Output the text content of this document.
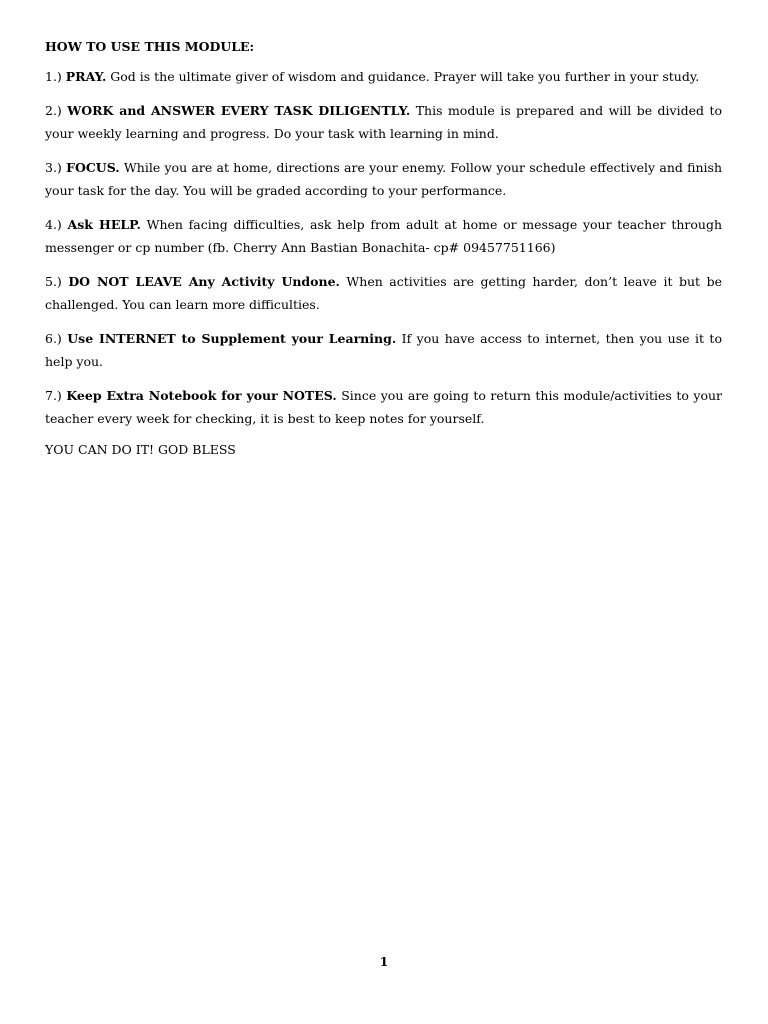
HOW TO USE THIS MODULE:

1.) PRAY. God is the ultimate giver of wisdom and guidance. Prayer will take you further in your study.

2.) WORK and ANSWER EVERY TASK DILIGENTLY. This module is prepared and will be divided to your weekly learning and progress. Do your task with learning in mind.

3.) FOCUS. While you are at home, directions are your enemy. Follow your schedule effectively and finish your task for the day. You will be graded according to your performance.

4.) Ask HELP. When facing difficulties, ask help from adult at home or message your teacher through messenger or cp number (fb. Cherry Ann Bastian Bonachita- cp# 09457751166)

5.) DO NOT LEAVE Any Activity Undone. When activities are getting harder, don’t leave it but be challenged. You can learn more difficulties.

6.) Use INTERNET to Supplement your Learning. If you have access to internet, then you use it to help you.

7.) Keep Extra Notebook for your NOTES. Since you are going to return this module/activities to your teacher every week for checking, it is best to keep notes for yourself.

YOU CAN DO IT! GOD BLESS

1
